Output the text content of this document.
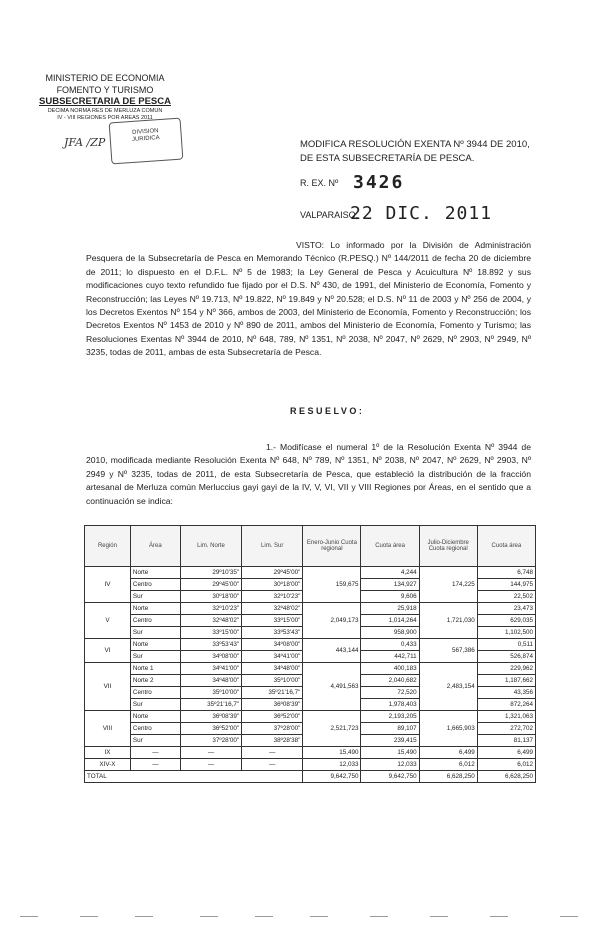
MINISTERIO DE ECONOMIA
FOMENTO Y TURISMO
SUBSECRETARIA DE PESCA
DECIMA NORMA RES DE MERLUZA COMUN
IV - VIII REGIONES POR AREAS 2011
DIVISION
JURIDICA
JFA /ZP	MODIFICA RESOLUCIÓN EXENTA Nº 3944 DE 2010,
DE ESTA SUBSECRETARÍA DE PESCA.
R. EX. Nº 3426
VALPARAISO,
22 DIC. 2011
VISTO: Lo informado por la División de Administración Pesquera de la Subsecretaría de Pesca en Memorando Técnico (R.PESQ.) Nº 144/2011 de fecha 20 de diciembre de 2011; lo dispuesto en el D.F.L. Nº 5 de 1983; la Ley General de Pesca y Acuicultura Nº 18.892 y sus modificaciones cuyo texto refundido fue fijado por el D.S. Nº 430, de 1991, del Ministerio de Economía, Fomento y Reconstrucción; las Leyes Nº 19.713, Nº 19.822, Nº 19.849 y Nº 20.528; el D.S. Nº 11 de 2003 y Nº 256 de 2004, y los Decretos Exentos Nº 154 y Nº 366, ambos de 2003, del Ministerio de Economía, Fomento y Reconstrucción; los Decretos Exentos Nº 1453 de 2010 y Nº 890 de 2011, ambos del Ministerio de Economía, Fomento y Turismo; las Resoluciones Exentas Nº 3944 de 2010, Nº 648, 789, Nº 1351, Nº 2038, Nº 2047, Nº 2629, Nº 2903, Nº 2949, Nº 3235, todas de 2011, ambas de esta Subsecretaría de Pesca.
RESUELVO:
1.- Modifícase el numeral 1º de la Resolución Exenta Nº 3944 de 2010, modificada mediante Resolución Exenta Nº 648, Nº 789, Nº 1351, Nº 2038, Nº 2047, Nº 2629, Nº 2903, Nº 2949 y Nº 3235, todas de 2011, de esta Subsecretaría de Pesca, que estableció la distribución de la fracción artesanal de Merluza común Merluccius gayi gayi de la IV, V, VI, VII y VIII Regiones por Áreas, en el sentido que a continuación se indica:
Región	Área	Lim. Norte	Lim. Sur	Enero-Junio Cuota regional	Cuota área	Julio-Diciembre Cuota regional	Cuota área
IV	Norte	29º10'35"	29º45'00"	159,675	4,244	174,225	6,748
	Centro	29º45'00"	30º18'00"		134,927		144,975
	Sur	30º18'00"	32º10'23"		9,606		22,502
V	Norte	32º10'23"	32º48'02"	2,049,173	25,918	1,721,030	23,473
	Centro	32º48'02"	33º15'00"		1,014,264		629,035
	Sur	33º15'00"	33º53'43"		958,900		1,102,500
VI	Norte	33º53'43"	34º08'00"	443,144	0,433	567,386	0,511
	Sur	34º08'00"	34º41'00"		442,711		526,874
VII	Norte 1	34º41'00"	34º48'00"	4,491,563	400,183	2,483,154	229,962
	Norte 2	34º48'00"	35º10'00"		2,040,682		1,187,662
	Centro	35º10'00"	35º21'16,7"		72,520		43,356
	Sur	35º21'16,7"	36º08'39"		1,978,403		872,264
VIII	Norte	36º08'39"	36º52'00"	2,521,723	2,193,205	1,665,903	1,321,063
	Centro	36º52'00"	37º28'00"		89,107		272,702
	Sur	37º28'00"	38º28'38"		239,415		81,137
IX	—	—	—	15,490	15,490	6,499	6,499
XIV-X	—	—	—	12,033	12,033	6,012	6,012
TOTAL				9,642,750	9,642,750	6,628,250	6,628,250
